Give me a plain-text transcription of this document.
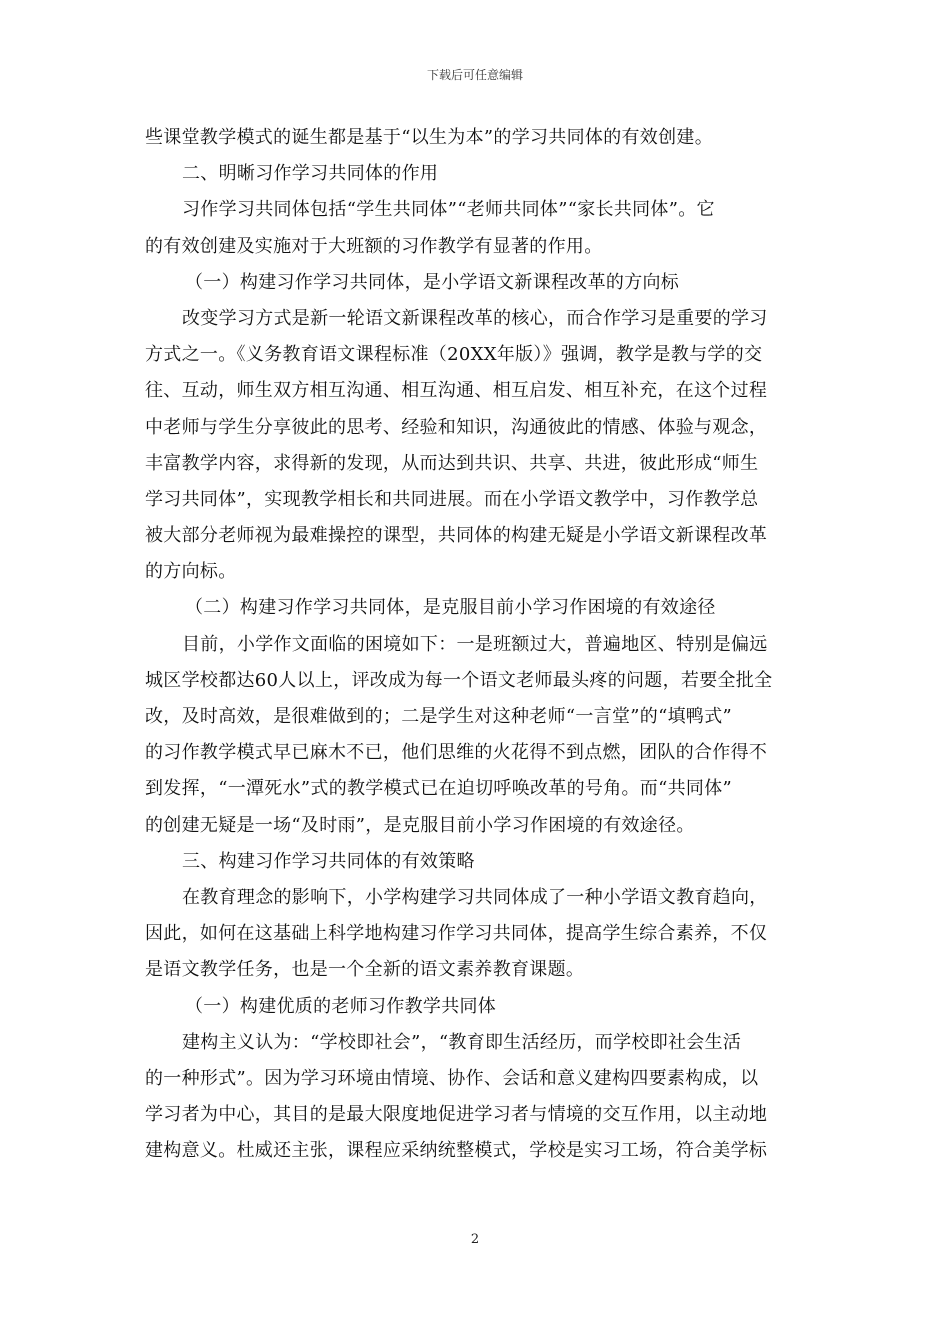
下载后可任意编辑
些课堂教学模式的诞生都是基于“以生为本”的学习共同体的有效创建。
二、明晰习作学习共同体的作用
习作学习共同体包括“学生共同体”“老师共同体”“家长共同体”。它
的有效创建及实施对于大班额的习作教学有显著的作用。
（一）构建习作学习共同体，是小学语文新课程改革的方向标
改变学习方式是新一轮语文新课程改革的核心，而合作学习是重要的学习
方式之一。《义务教育语文课程标准（20XX年版）》强调，教学是教与学的交
往、互动，师生双方相互沟通、相互沟通、相互启发、相互补充，在这个过程
中老师与学生分享彼此的思考、经验和知识，沟通彼此的情感、体验与观念，
丰富教学内容，求得新的发现，从而达到共识、共享、共进，彼此形成“师生
学习共同体”，实现教学相长和共同进展。而在小学语文教学中，习作教学总
被大部分老师视为最难操控的课型，共同体的构建无疑是小学语文新课程改革
的方向标。
（二）构建习作学习共同体，是克服目前小学习作困境的有效途径
目前，小学作文面临的困境如下：一是班额过大，普遍地区、特别是偏远
城区学校都达60人以上，评改成为每一个语文老师最头疼的问题，若要全批全
改，及时高效，是很难做到的；二是学生对这种老师“一言堂”的“填鸭式”
的习作教学模式早已麻木不已，他们思维的火花得不到点燃，团队的合作得不
到发挥，“一潭死水”式的教学模式已在迫切呼唤改革的号角。而“共同体”
的创建无疑是一场“及时雨”，是克服目前小学习作困境的有效途径。
三、构建习作学习共同体的有效策略
在教育理念的影响下，小学构建学习共同体成了一种小学语文教育趋向，
因此，如何在这基础上科学地构建习作学习共同体，提高学生综合素养，不仅
是语文教学任务，也是一个全新的语文素养教育课题。
（一）构建优质的老师习作教学共同体
建构主义认为：“学校即社会”，“教育即生活经历，而学校即社会生活
的一种形式”。因为学习环境由情境、协作、会话和意义建构四要素构成，以
学习者为中心，其目的是最大限度地促进学习者与情境的交互作用，以主动地
建构意义。杜威还主张，课程应采纳统整模式，学校是实习工场，符合美学标
2
